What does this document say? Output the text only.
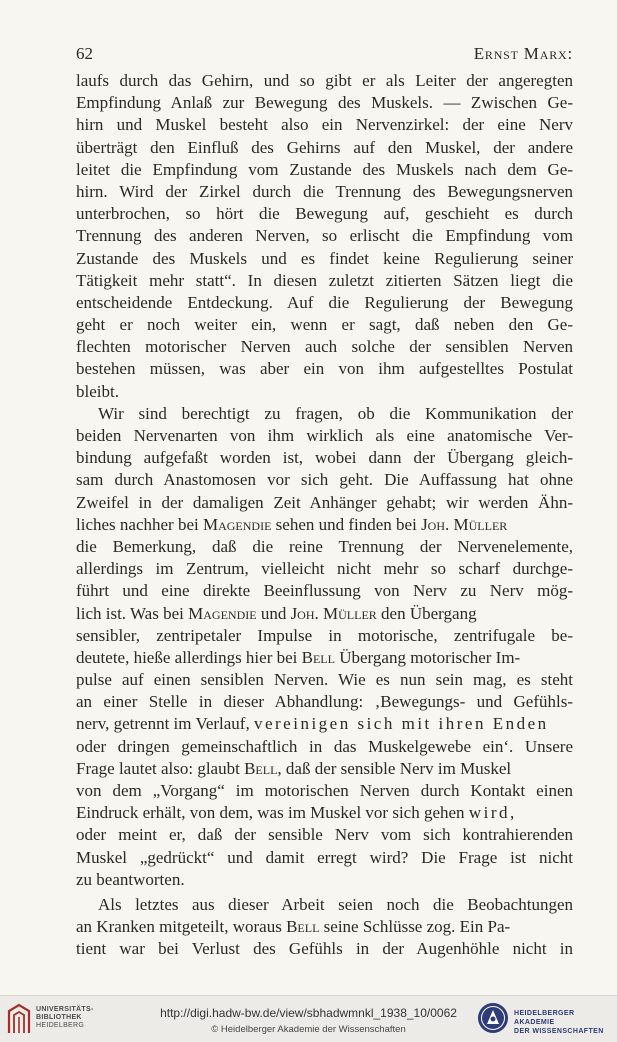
62	Ernst Marx:
laufs durch das Gehirn, und so gibt er als Leiter der angeregten
Empfindung Anlaß zur Bewegung des Muskels. — Zwischen Ge-
hirn und Muskel besteht also ein Nervenzirkel: der eine Nerv
überträgt den Einfluß des Gehirns auf den Muskel, der andere
leitet die Empfindung vom Zustande des Muskels nach dem Ge-
hirn. Wird der Zirkel durch die Trennung des Bewegungsnerven
unterbrochen, so hört die Bewegung auf, geschieht es durch
Trennung des anderen Nerven, so erlischt die Empfindung vom
Zustande des Muskels und es findet keine Regulierung seiner
Tätigkeit mehr statt“. In diesen zuletzt zitierten Sätzen liegt die
entscheidende Entdeckung. Auf die Regulierung der Bewegung
geht er noch weiter ein, wenn er sagt, daß neben den Ge-
flechten motorischer Nerven auch solche der sensiblen Nerven
bestehen müssen, was aber ein von ihm aufgestelltes Postulat
bleibt.
Wir sind berechtigt zu fragen, ob die Kommunikation der
beiden Nervenarten von ihm wirklich als eine anatomische Ver-
bindung aufgefaßt worden ist, wobei dann der Übergang gleich-
sam durch Anastomosen vor sich geht. Die Auffassung hat ohne
Zweifel in der damaligen Zeit Anhänger gehabt; wir werden Ähn-
liches nachher bei Magendie sehen und finden bei Joh. Müller
die Bemerkung, daß die reine Trennung der Nervenelemente,
allerdings im Zentrum, vielleicht nicht mehr so scharf durchge-
führt und eine direkte Beeinflussung von Nerv zu Nerv mög-
lich ist. Was bei Magendie und Joh. Müller den Übergang
sensibler, zentripetaler Impulse in motorische, zentrifugale be-
deutete, hieße allerdings hier bei Bell Übergang motorischer Im-
pulse auf einen sensiblen Nerven. Wie es nun sein mag, es steht
an einer Stelle in dieser Abhandlung: ‚Bewegungs- und Gefühls-
nerv, getrennt im Verlauf, vereinigen sich mit ihren Enden
oder dringen gemeinschaftlich in das Muskelgewebe ein‘. Unsere
Frage lautet also: glaubt Bell, daß der sensible Nerv im Muskel
von dem „Vorgang“ im motorischen Nerven durch Kontakt einen
Eindruck erhält, von dem, was im Muskel vor sich gehen wird,
oder meint er, daß der sensible Nerv vom sich kontrahierenden
Muskel „gedrückt“ und damit erregt wird? Die Frage ist nicht
zu beantworten.
Als letztes aus dieser Arbeit seien noch die Beobachtungen
an Kranken mitgeteilt, woraus Bell seine Schlüsse zog. Ein Pa-
tient war bei Verlust des Gefühls in der Augenhöhle nicht in
UNIVERSITÄTS-
BIBLIOTHEK
HEIDELBERG
http://digi.hadw-bw.de/view/sbhadwmnkl_1938_10/0062
© Heidelberger Akademie der Wissenschaften
HEIDELBERGER AKADEMIE
DER WISSENSCHAFTEN
